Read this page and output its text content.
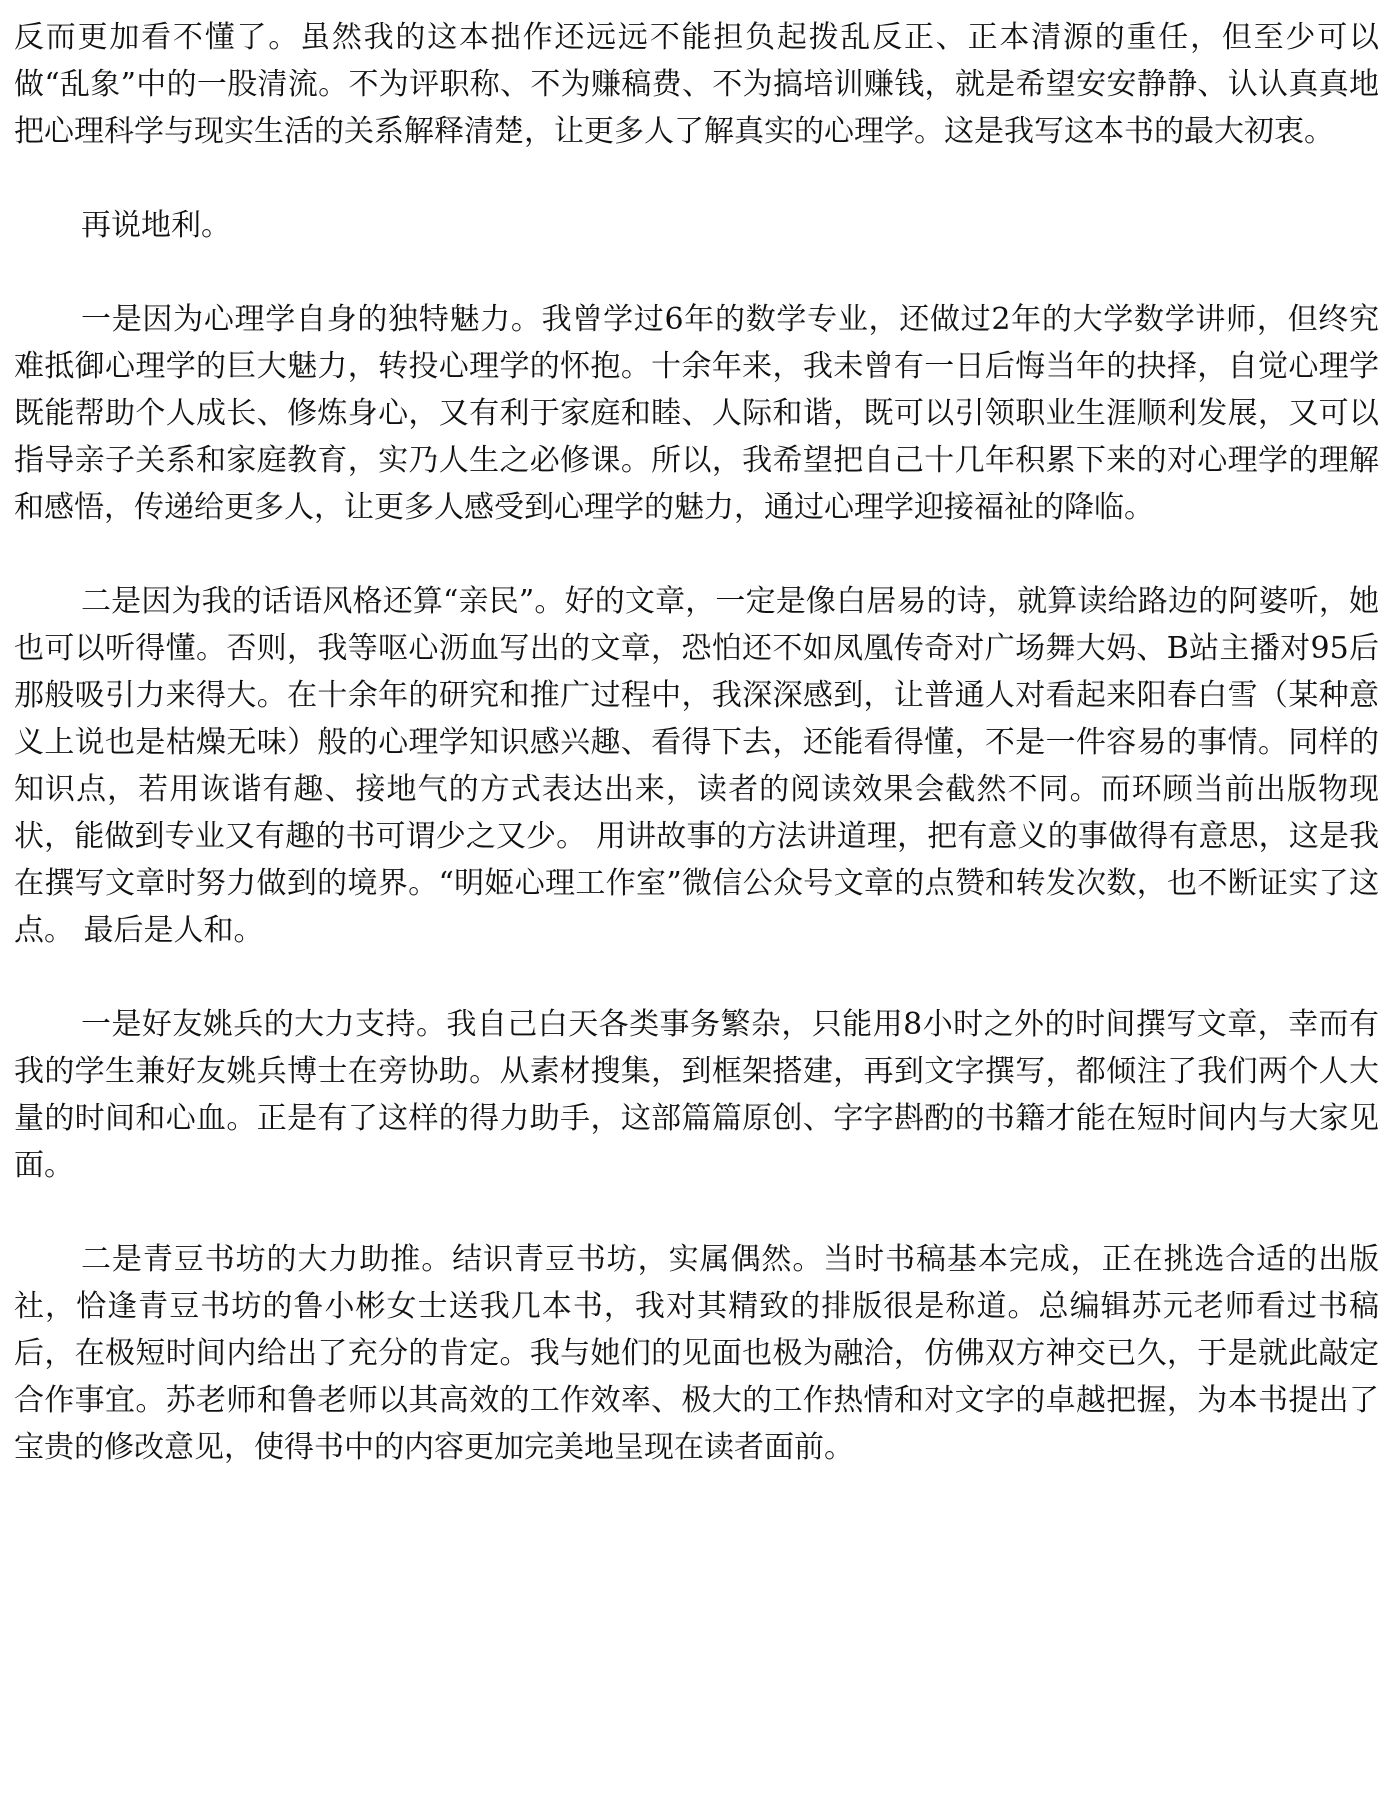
反而更加看不懂了。虽然我的这本拙作还远远不能担负起拨乱反正、正本清源的重任，但至少可以做“乱象”中的一股清流。不为评职称、不为赚稿费、不为搞培训赚钱，就是希望安安静静、认认真真地把心理科学与现实生活的关系解释清楚，让更多人了解真实的心理学。这是我写这本书的最大初衷。

再说地利。

一是因为心理学自身的独特魅力。我曾学过6年的数学专业，还做过2年的大学数学讲师，但终究难抵御心理学的巨大魅力，转投心理学的怀抱。十余年来，我未曾有一日后悔当年的抉择，自觉心理学既能帮助个人成长、修炼身心，又有利于家庭和睦、人际和谐，既可以引领职业生涯顺利发展，又可以指导亲子关系和家庭教育，实乃人生之必修课。所以，我希望把自己十几年积累下来的对心理学的理解和感悟，传递给更多人，让更多人感受到心理学的魅力，通过心理学迎接福祉的降临。

二是因为我的话语风格还算“亲民”。好的文章，一定是像白居易的诗，就算读给路边的阿婆听，她也可以听得懂。否则，我等呕心沥血写出的文章，恐怕还不如凤凰传奇对广场舞大妈、B站主播对95后那般吸引力来得大。在十余年的研究和推广过程中，我深深感到，让普通人对看起来阳春白雪（某种意义上说也是枯燥无味）般的心理学知识感兴趣、看得下去，还能看得懂，不是一件容易的事情。同样的知识点，若用诙谐有趣、接地气的方式表达出来，读者的阅读效果会截然不同。而环顾当前出版物现状，能做到专业又有趣的书可谓少之又少。 用讲故事的方法讲道理，把有意义的事做得有意思，这是我在撰写文章时努力做到的境界。“明姬心理工作室”微信公众号文章的点赞和转发次数，也不断证实了这点。 最后是人和。

一是好友姚兵的大力支持。我自己白天各类事务繁杂，只能用8小时之外的时间撰写文章，幸而有我的学生兼好友姚兵博士在旁协助。从素材搜集，到框架搭建，再到文字撰写，都倾注了我们两个人大量的时间和心血。正是有了这样的得力助手，这部篇篇原创、字字斟酌的书籍才能在短时间内与大家见面。

二是青豆书坊的大力助推。结识青豆书坊，实属偶然。当时书稿基本完成，正在挑选合适的出版社，恰逢青豆书坊的鲁小彬女士送我几本书，我对其精致的排版很是称道。总编辑苏元老师看过书稿后，在极短时间内给出了充分的肯定。我与她们的见面也极为融洽，仿佛双方神交已久，于是就此敲定合作事宜。苏老师和鲁老师以其高效的工作效率、极大的工作热情和对文字的卓越把握，为本书提出了宝贵的修改意见，使得书中的内容更加完美地呈现在读者面前。
